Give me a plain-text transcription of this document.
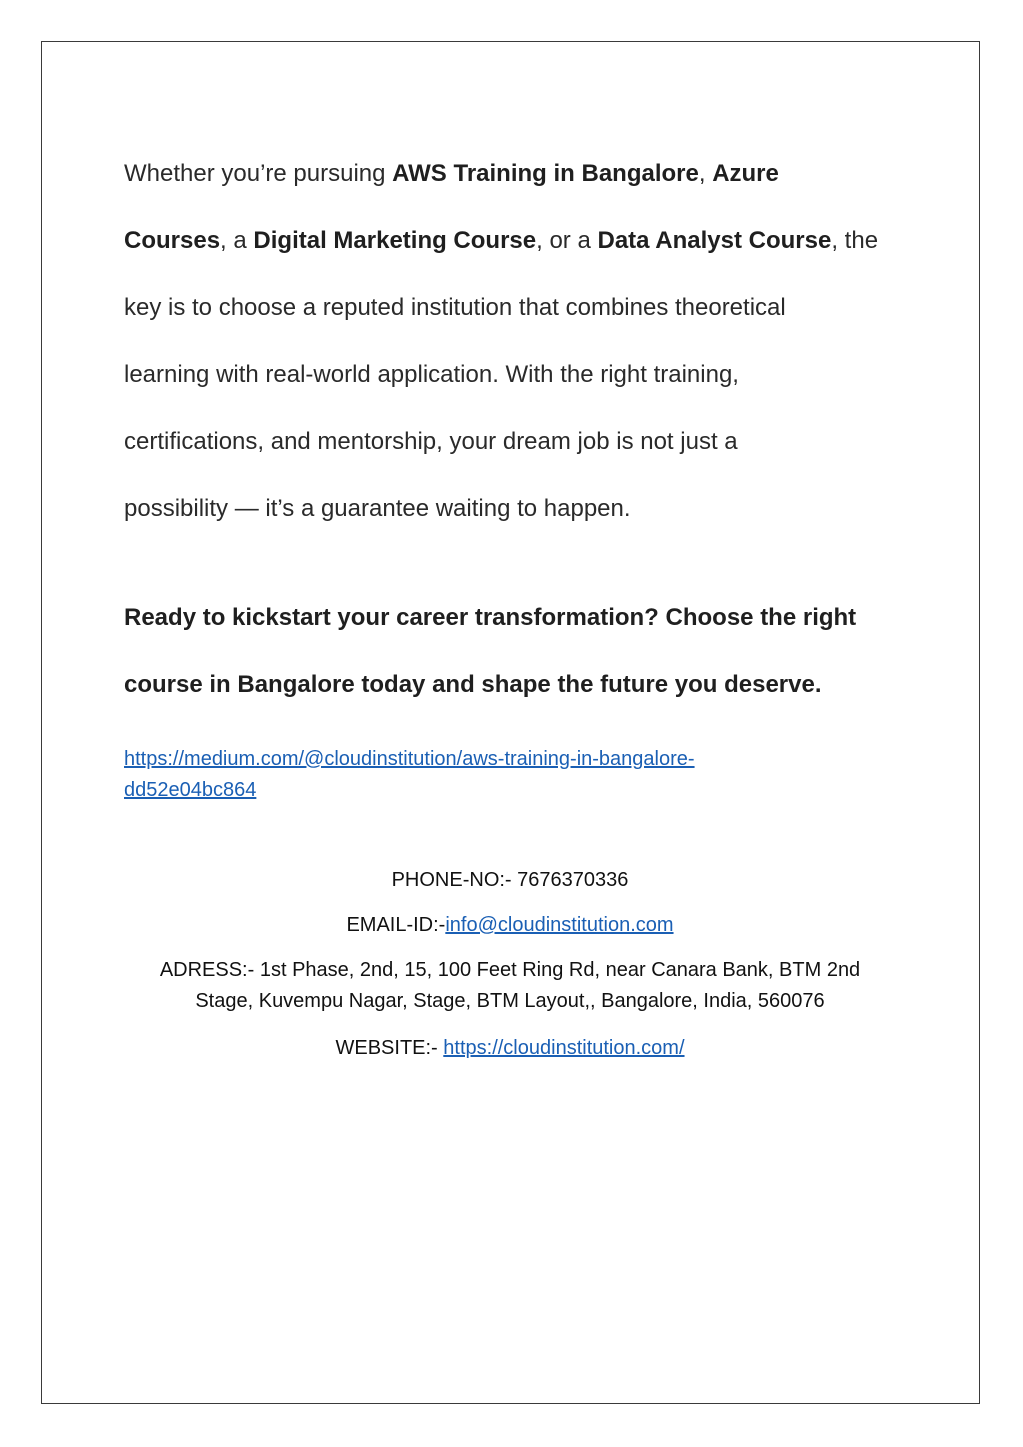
Whether you’re pursuing AWS Training in Bangalore, Azure

Courses, a Digital Marketing Course, or a Data Analyst Course, the

key is to choose a reputed institution that combines theoretical

learning with real-world application. With the right training,

certifications, and mentorship, your dream job is not just a

possibility — it’s a guarantee waiting to happen.

Ready to kickstart your career transformation? Choose the right

course in Bangalore today and shape the future you deserve.

https://medium.com/@cloudinstitution/aws-training-in-bangalore-
dd52e04bc864
PHONE-NO:- 7676370336
EMAIL-ID:-info@cloudinstitution.com
ADRESS:- 1st Phase, 2nd, 15, 100 Feet Ring Rd, near Canara Bank, BTM 2nd
Stage, Kuvempu Nagar, Stage, BTM Layout,, Bangalore, India, 560076
WEBSITE:- https://cloudinstitution.com/
